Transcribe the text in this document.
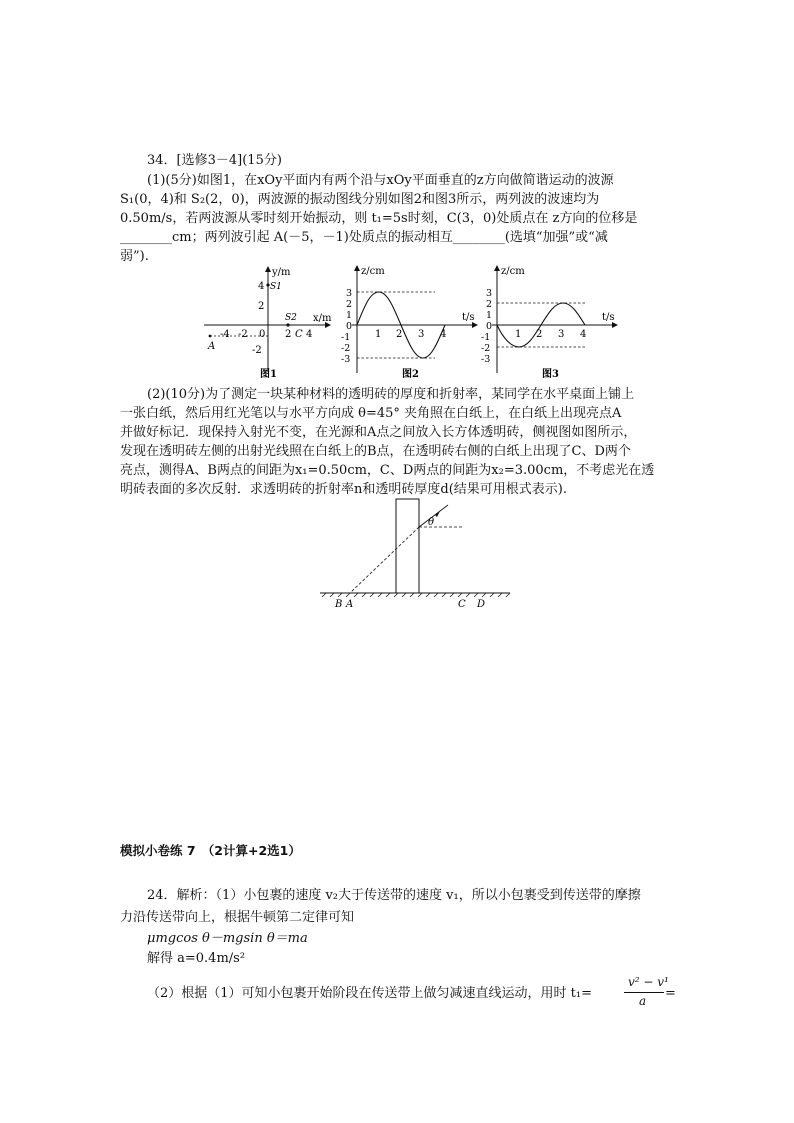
34．[选修3－4](15分)
(1)(5分)如图1，在xOy平面内有两个沿与xOy平面垂直的z方向做简谐运动的波源
S₁(0，4)和 S₂(2，0)，两波源的振动图线分别如图2和图3所示，两列波的波速均为
0.50m/s，若两波源从零时刻开始振动，则 t₁=5s时刻，C(3，0)处质点在 z方向的位移是
________cm；两列波引起 A(－5，－1)处质点的振动相互________(选填“加强”或“减
弱”).
y/m
x/m
4
2
-2
S1
-4 -2 0 2 4
S2
C
A
图1
z/cm
t/s
3
2
1
0
-1
-2
-3
1 2 3 4
图2
z/cm
t/s
3
2
1
0
-1
-2
-3
1 2 3 4
图3
(2)(10分)为了测定一块某种材料的透明砖的厚度和折射率，某同学在水平桌面上铺上
一张白纸，然后用红光笔以与水平方向成 θ=45° 夹角照在白纸上，在白纸上出现亮点A
并做好标记．现保持入射光不变，在光源和A点之间放入长方体透明砖，侧视图如图所示，
发现在透明砖左侧的出射光线照在白纸上的B点，在透明砖右侧的白纸上出现了C、D两个
亮点，测得A、B两点的间距为x₁=0.50cm，C、D两点的间距为x₂=3.00cm，不考虑光在透
明砖表面的多次反射．求透明砖的折射率n和透明砖厚度d(结果可用根式表示).
θ
B A	C D
模拟小卷练 7　（2计算+2选1）
24．解析：（1）小包裹的速度 v₂大于传送带的速度 v₁，所以小包裹受到传送带的摩擦
力沿传送带向上，根据牛顿第二定律可知
μmgcos θ－mgsin θ＝ma
解得 a=0.4m/s²
（2）根据（1）可知小包裹开始阶段在传送带上做匀减速直线运动，用时 t₁=
v² − v¹
a =
